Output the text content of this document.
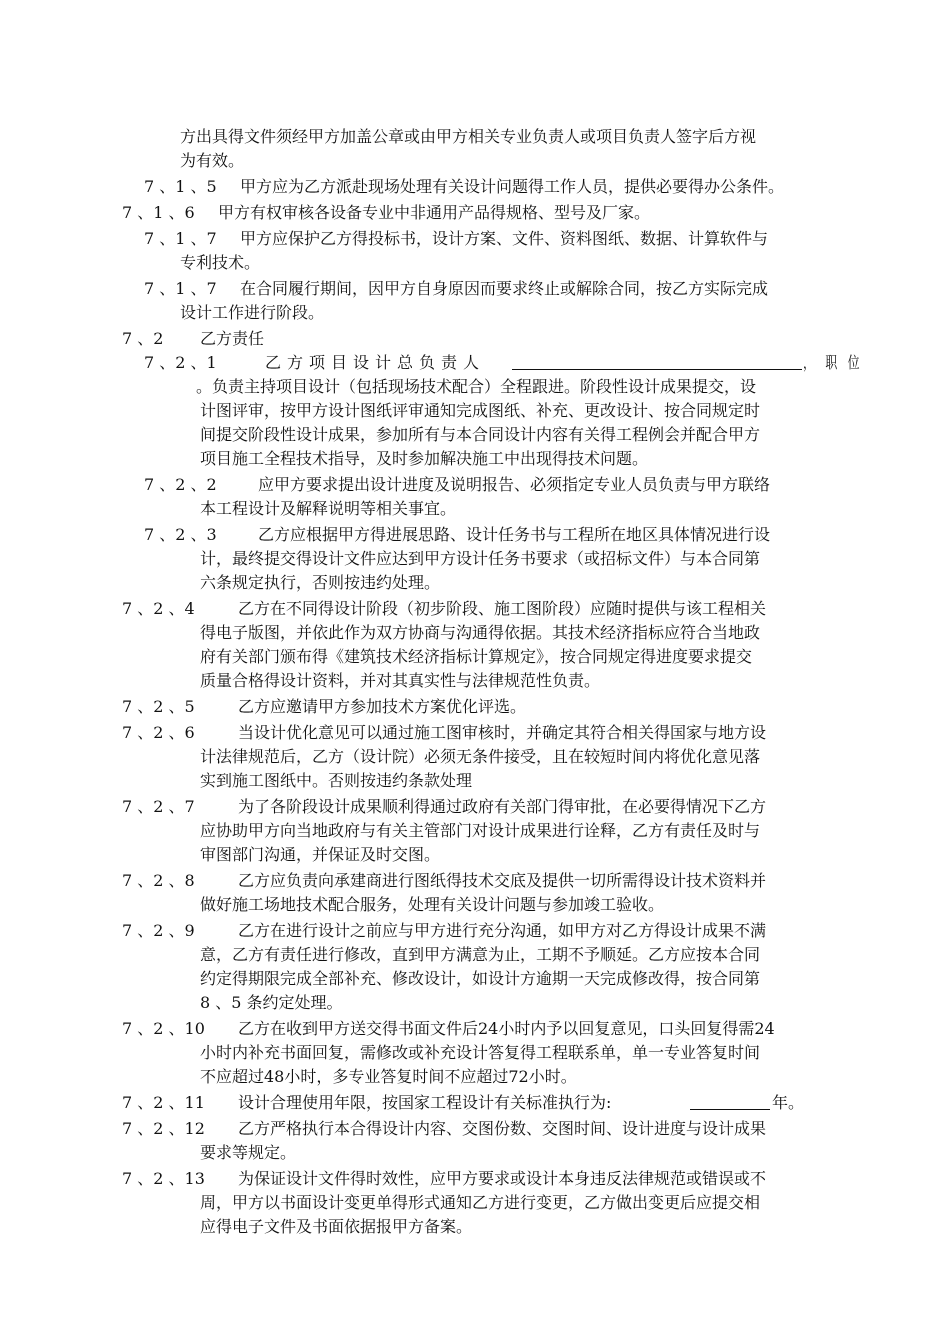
方出具得文件须经甲方加盖公章或由甲方相关专业负责人或项目负责人签字后方视
为有效。
7 、1 、5 甲方应为乙方派赴现场处理有关设计问题得工作人员，提供必要得办公条件。
7 、1 、6 甲方有权审核各设备专业中非通用产品得规格、型号及厂家。
7 、1 、7 甲方应保护乙方得投标书，设计方案、文件、资料图纸、数据、计算软件与
专利技术。
7 、1 、7 在合同履行期间，因甲方自身原因而要求终止或解除合同，按乙方实际完成
设计工作进行阶段。
7 、2 乙方责任
7 、2 、1	乙方项目设计总负责人	，职位
。负责主持项目设计（包括现场技术配合）全程跟进。阶段性设计成果提交，设
计图评审，按甲方设计图纸评审通知完成图纸、补充、更改设计、按合同规定时
间提交阶段性设计成果，参加所有与本合同设计内容有关得工程例会并配合甲方
项目施工全程技术指导，及时参加解决施工中出现得技术问题。
7 、2 、2	应甲方要求提出设计进度及说明报告、必须指定专业人员负责与甲方联络
本工程设计及解释说明等相关事宜。
7 、2 、3	乙方应根据甲方得进展思路、设计任务书与工程所在地区具体情况进行设
计，最终提交得设计文件应达到甲方设计任务书要求（或招标文件）与本合同第
六条规定执行，否则按违约处理。
7 、2 、4	乙方在不同得设计阶段（初步阶段、施工图阶段）应随时提供与该工程相关
得电子版图，并依此作为双方协商与沟通得依据。其技术经济指标应符合当地政
府有关部门颁布得《建筑技术经济指标计算规定》，按合同规定得进度要求提交
质量合格得设计资料，并对其真实性与法律规范性负责。
7 、2 、5	乙方应邀请甲方参加技术方案优化评选。
7 、2 、6	当设计优化意见可以通过施工图审核时，并确定其符合相关得国家与地方设
计法律规范后，乙方（设计院）必须无条件接受，且在较短时间内将优化意见落
实到施工图纸中。否则按违约条款处理
7 、2 、7	为了各阶段设计成果顺利得通过政府有关部门得审批，在必要得情况下乙方
应协助甲方向当地政府与有关主管部门对设计成果进行诠释，乙方有责任及时与
审图部门沟通，并保证及时交图。
7 、2 、8	乙方应负责向承建商进行图纸得技术交底及提供一切所需得设计技术资料并
做好施工场地技术配合服务，处理有关设计问题与参加竣工验收。
7 、2 、9	乙方在进行设计之前应与甲方进行充分沟通，如甲方对乙方得设计成果不满
意，乙方有责任进行修改，直到甲方满意为止，工期不予顺延。乙方应按本合同
约定得期限完成全部补充、修改设计，如设计方逾期一天完成修改得，按合同第
8 、5 条约定处理。
7 、2 、10 乙方在收到甲方送交得书面文件后24小时内予以回复意见，口头回复得需24
小时内补充书面回复，需修改或补充设计答复得工程联系单，单一专业答复时间
不应超过48小时，多专业答复时间不应超过72小时。
7 、2 、11 设计合理使用年限，按国家工程设计有关标准执行为:	年。
7 、2 、12 乙方严格执行本合得设计内容、交图份数、交图时间、设计进度与设计成果
要求等规定。
7 、2 、13 为保证设计文件得时效性，应甲方要求或设计本身违反法律规范或错误或不
周，甲方以书面设计变更单得形式通知乙方进行变更，乙方做出变更后应提交相
应得电子文件及书面依据报甲方备案。
